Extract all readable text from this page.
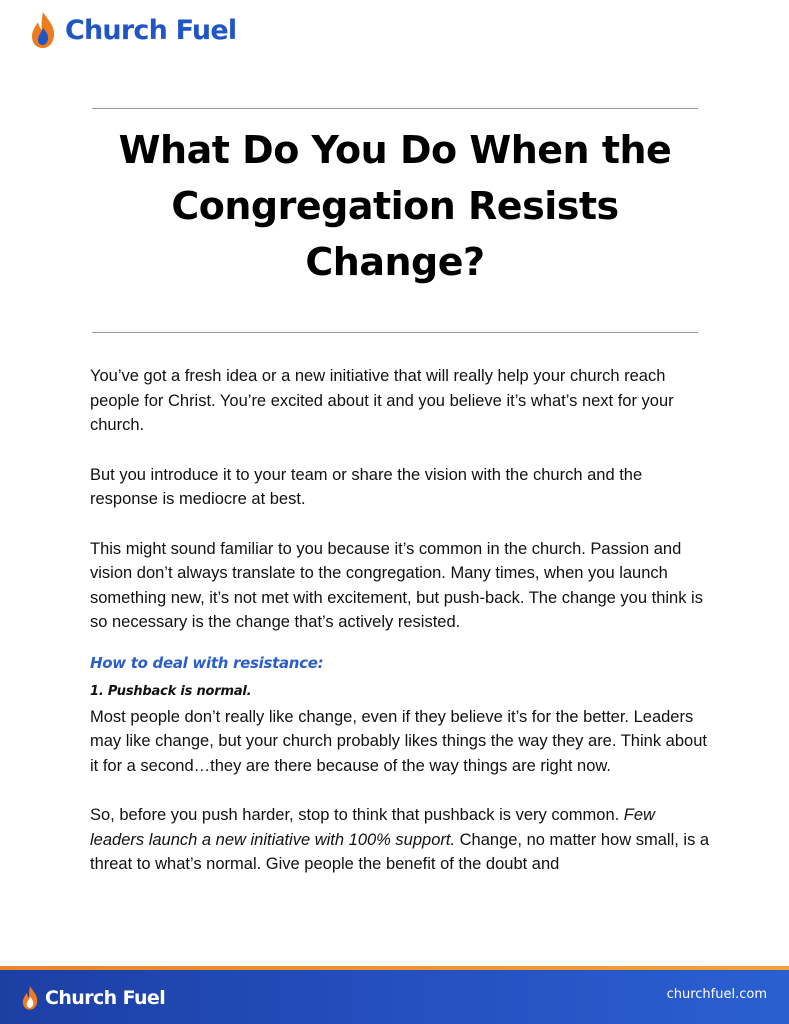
Church Fuel
What Do You Do When the Congregation Resists Change?

You’ve got a fresh idea or a new initiative that will really help your church reach people for Christ. You’re excited about it and you believe it’s what’s next for your church.

But you introduce it to your team or share the vision with the church and the response is mediocre at best.

This might sound familiar to you because it’s common in the church. Passion and vision don’t always translate to the congregation. Many times, when you launch something new, it’s not met with excitement, but push-back. The change you think is so necessary is the change that’s actively resisted.

How to deal with resistance:
1. Pushback is normal.

Most people don’t really like change, even if they believe it’s for the better. Leaders may like change, but your church probably likes things the way they are. Think about it for a second…they are there because of the way things are right now.

So, before you push harder, stop to think that pushback is very common. Few leaders launch a new initiative with 100% support. Change, no matter how small, is a threat to what’s normal. Give people the benefit of the doubt and

Church Fuel	churchfuel.com
